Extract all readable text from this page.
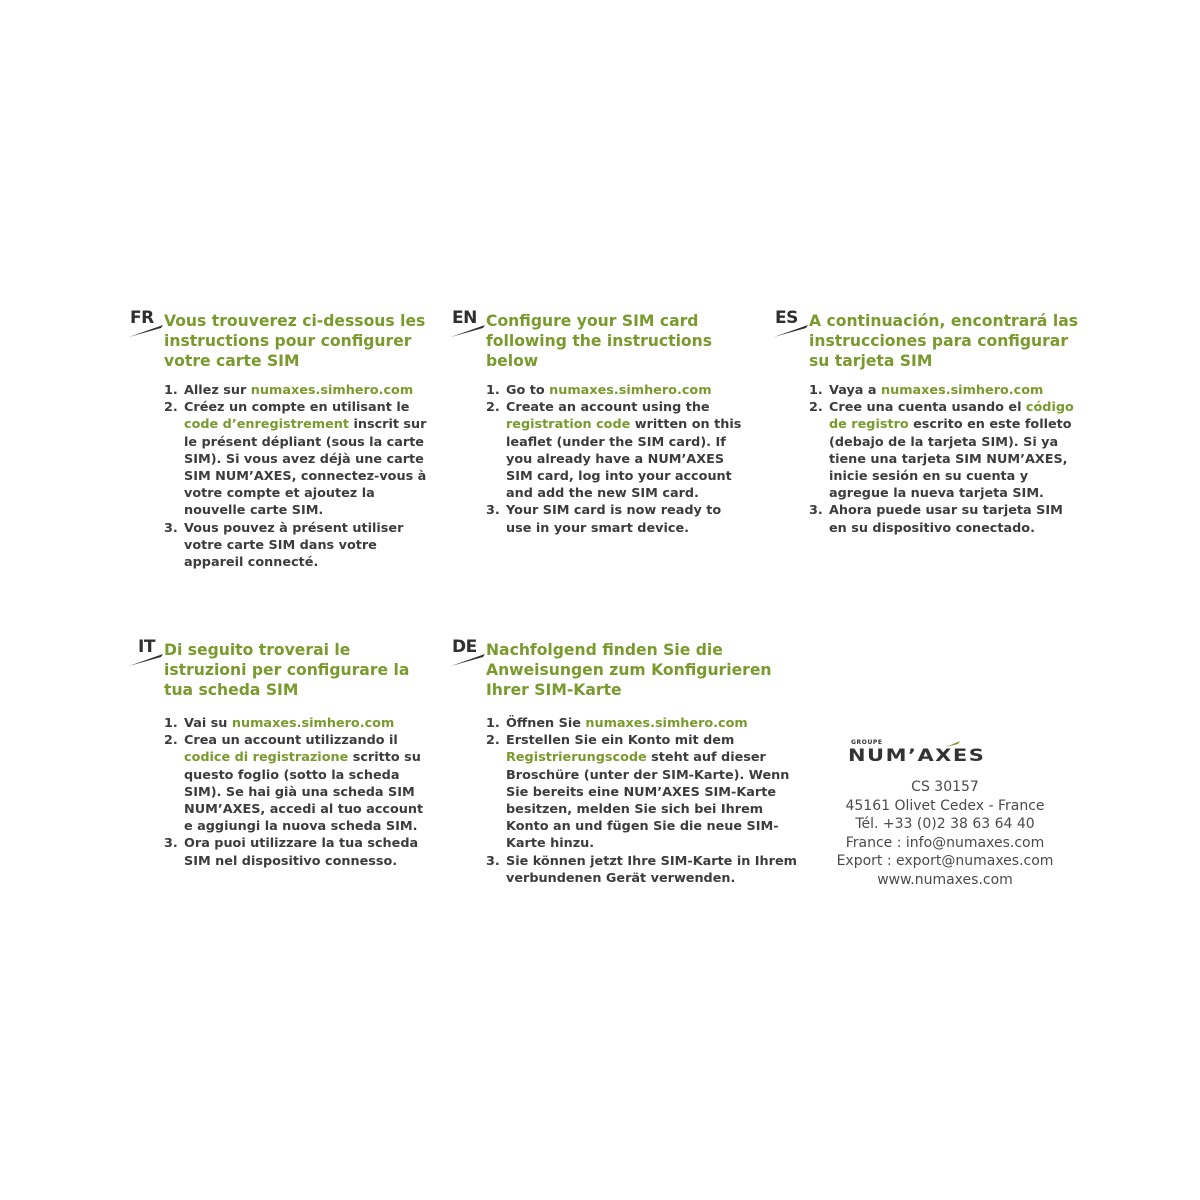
FR Vous trouverez ci-dessous les instructions pour configurer votre carte SIM
1. Allez sur numaxes.simhero.com
2. Créez un compte en utilisant le code d’enregistrement inscrit sur le présent dépliant (sous la carte SIM). Si vous avez déjà une carte SIM NUM’AXES, connectez-vous à votre compte et ajoutez la nouvelle carte SIM.
3. Vous pouvez à présent utiliser votre carte SIM dans votre appareil connecté.
EN Configure your SIM card following the instructions below
1. Go to numaxes.simhero.com
2. Create an account using the registration code written on this leaflet (under the SIM card). If you already have a NUM’AXES SIM card, log into your account and add the new SIM card.
3. Your SIM card is now ready to use in your smart device.
ES A continuación, encontrará las instrucciones para configurar su tarjeta SIM
1. Vaya a numaxes.simhero.com
2. Cree una cuenta usando el código de registro escrito en este folleto (debajo de la tarjeta SIM). Si ya tiene una tarjeta SIM NUM’AXES, inicie sesión en su cuenta y agregue la nueva tarjeta SIM.
3. Ahora puede usar su tarjeta SIM en su dispositivo conectado.
IT Di seguito troverai le istruzioni per configurare la tua scheda SIM
1. Vai su numaxes.simhero.com
2. Crea un account utilizzando il codice di registrazione scritto su questo foglio (sotto la scheda SIM). Se hai già una scheda SIM NUM’AXES, accedi al tuo account e aggiungi la nuova scheda SIM.
3. Ora puoi utilizzare la tua scheda SIM nel dispositivo connesso.
DE Nachfolgend finden Sie die Anweisungen zum Konfigurieren Ihrer SIM-Karte
1. Öffnen Sie numaxes.simhero.com
2. Erstellen Sie ein Konto mit dem Registrierungscode steht auf dieser Broschüre (unter der SIM-Karte). Wenn Sie bereits eine NUM’AXES SIM-Karte besitzen, melden Sie sich bei Ihrem Konto an und fügen Sie die neue SIM-Karte hinzu.
3. Sie können jetzt Ihre SIM-Karte in Ihrem verbundenen Gerät verwenden.
GROUPE
NUM’AXES
CS 30157
45161 Olivet Cedex - France
Tél. +33 (0)2 38 63 64 40
France : info@numaxes.com
Export : export@numaxes.com
www.numaxes.com
